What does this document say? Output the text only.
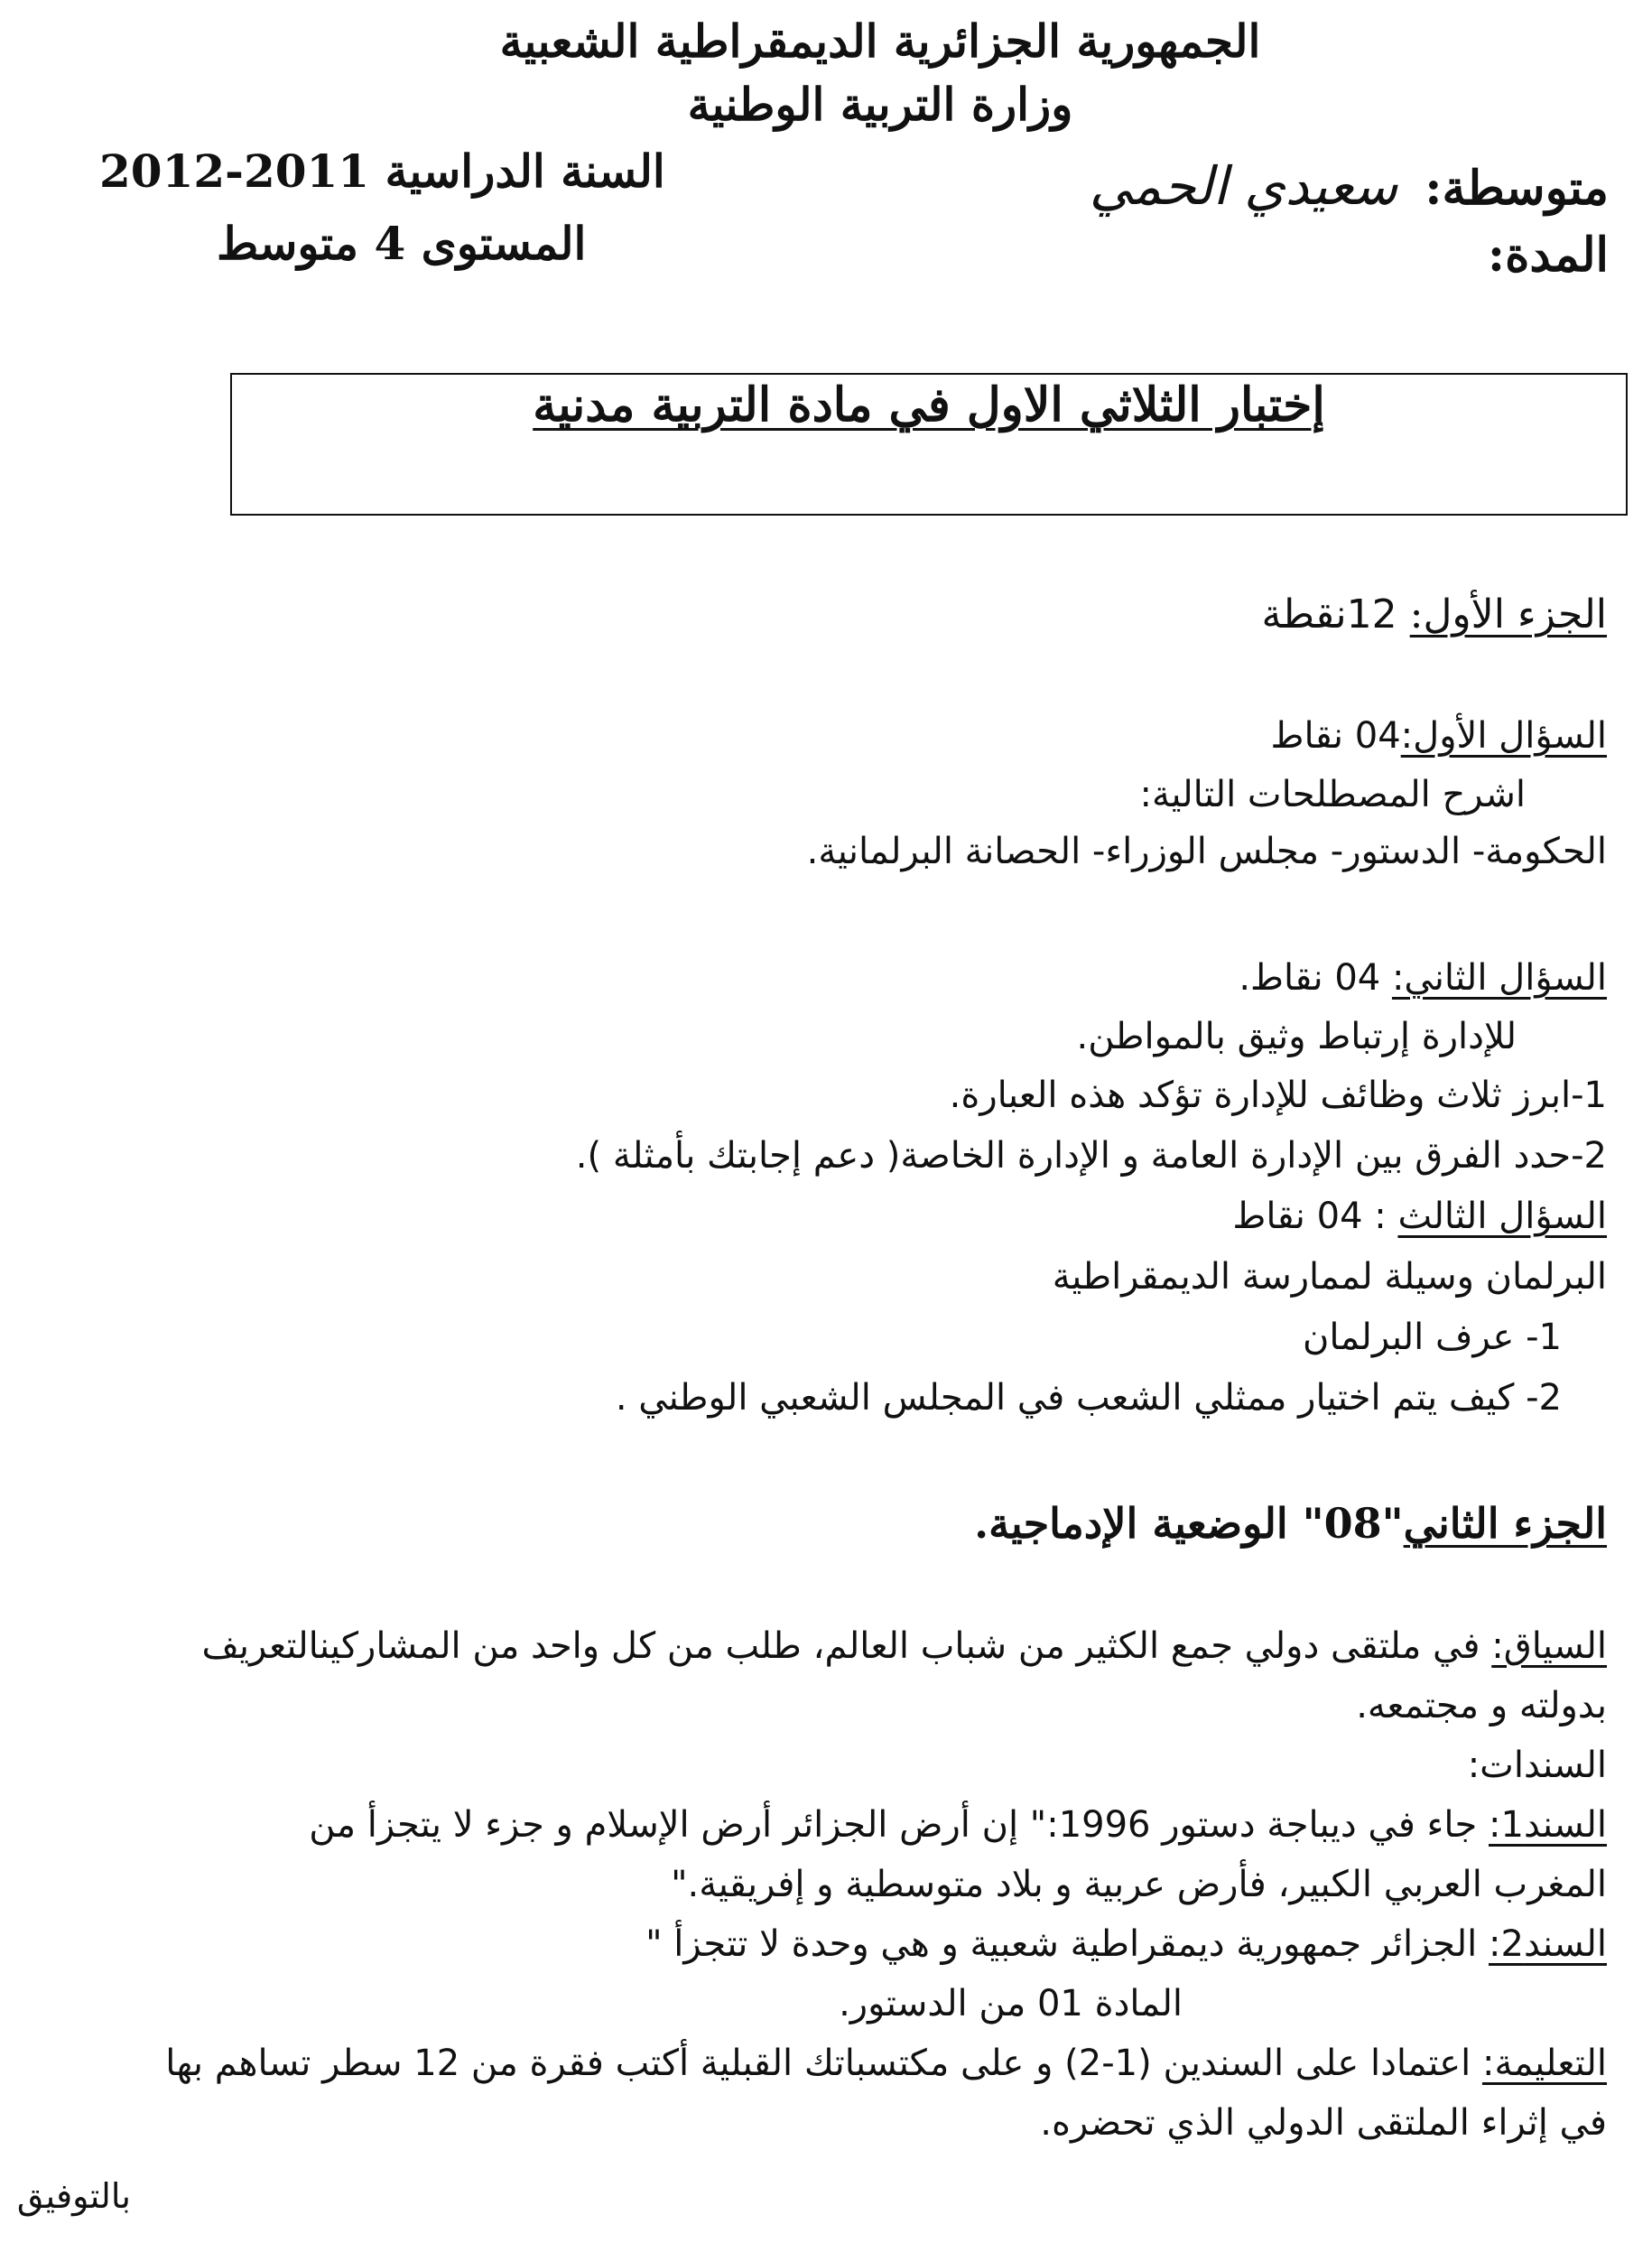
الجمهورية الجزائرية الديمقراطية الشعبية
وزارة التربية الوطنية
متوسطة: سعيدي الحمي
المدة:
السنة الدراسية 2011-2012
المستوى 4 متوسط
إختبار الثلاثي الاول في مادة التربية مدنية
الجزء الأول: 12نقطة
السؤال الأول:04 نقاط
اشرح المصطلحات التالية:
الحكومة- الدستور- مجلس الوزراء- الحصانة البرلمانية.
السؤال الثاني: 04 نقاط.
للإدارة إرتباط وثيق بالمواطن.
1-ابرز ثلاث وظائف للإدارة تؤكد هذه العبارة.
2-حدد الفرق بين الإدارة العامة و الإدارة الخاصة( دعم إجابتك بأمثلة ).
السؤال الثالث : 04 نقاط
البرلمان وسيلة لممارسة الديمقراطية
1- عرف البرلمان
2- كيف يتم اختيار ممثلي الشعب في المجلس الشعبي الوطني .
الجزء الثاني"08" الوضعية الإدماجية.
السياق: في ملتقى دولي جمع الكثير من شباب العالم، طلب من كل واحد من المشاركينالتعريف
بدولته و مجتمعه.
السندات:
السند1: جاء في ديباجة دستور 1996:" إن أرض الجزائر أرض الإسلام و جزء لا يتجزأ من
المغرب العربي الكبير، فأرض عربية و بلاد متوسطية و إفريقية."
السند2: الجزائر جمهورية ديمقراطية شعبية و هي وحدة لا تتجزأ "
المادة 01 من الدستور.
التعليمة: اعتمادا على السندين (1-2) و على مكتسباتك القبلية أكتب فقرة من 12 سطر تساهم بها
في إثراء الملتقى الدولي الذي تحضره.
بالتوفيق
